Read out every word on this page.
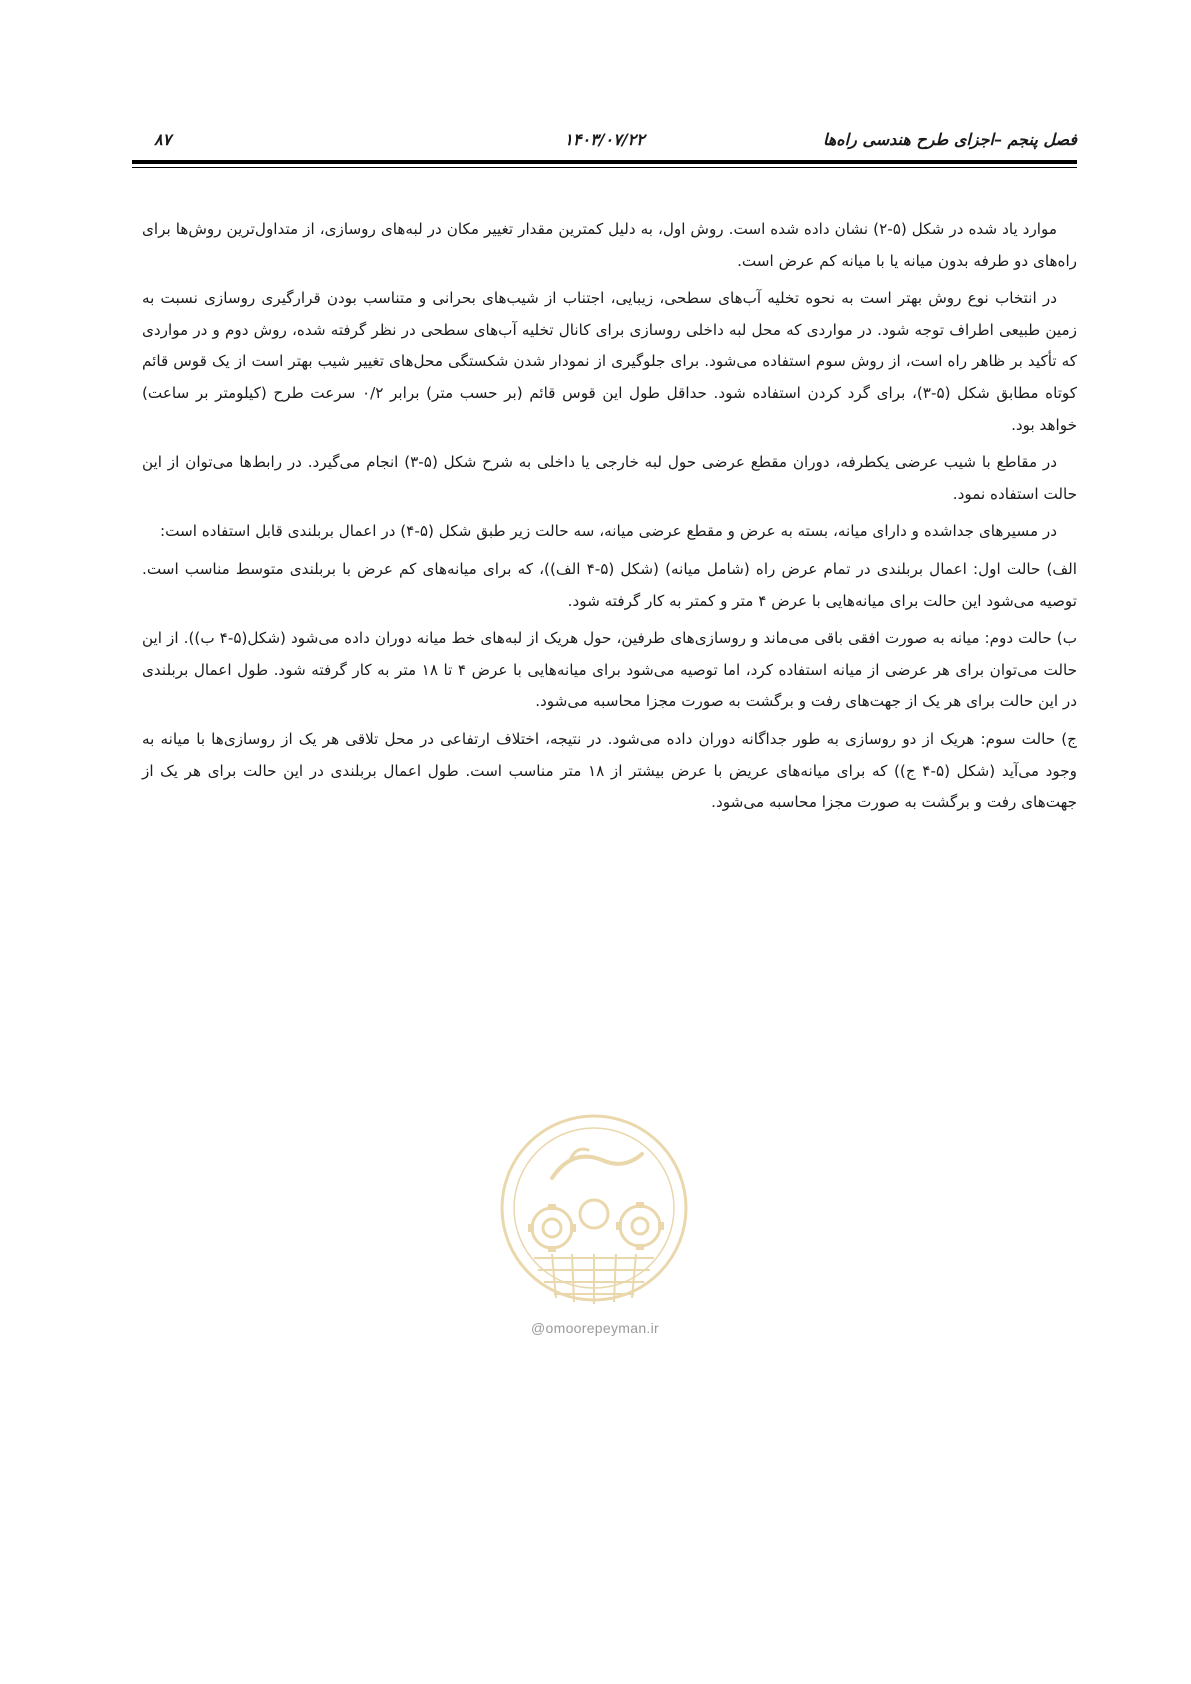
فصل پنجم –اجزای طرح هندسی راه‌ها
۱۴۰۳/۰۷/۲۲
۸۷

موارد یاد شده در شکل (۵-۲) نشان داده شده است. روش اول، به دلیل کمترین مقدار تغییر مکان در لبه‌های روسازی، از متداول‌ترین روش‌ها برای راه‌های دو طرفه بدون میانه یا با میانه کم عرض است.

در انتخاب نوع روش بهتر است به نحوه تخلیه آب‌های سطحی، زیبایی، اجتناب از شیب‌های بحرانی و متناسب بودن قرارگیری روسازی نسبت به زمین طبیعی اطراف توجه شود. در مواردی که محل لبه داخلی روسازی برای کانال تخلیه آب‌های سطحی در نظر گرفته شده، روش دوم و در مواردی که تأکید بر ظاهر راه است، از روش سوم استفاده می‌شود. برای جلوگیری از نمودار شدن شکستگی محل‌های تغییر شیب بهتر است از یک قوس قائم کوتاه مطابق شکل (۵-۳)، برای گرد کردن استفاده شود. حداقل طول این قوس قائم (بر حسب متر) برابر ۰/۲ سرعت طرح (کیلومتر بر ساعت) خواهد بود.

در مقاطع با شیب عرضی یکطرفه، دوران مقطع عرضی حول لبه خارجی یا داخلی به شرح شکل (۵-۳) انجام می‌گیرد. در رابط‌ها می‌توان از این حالت استفاده نمود.

در مسیرهای جداشده و دارای میانه، بسته به عرض و مقطع عرضی میانه، سه حالت زیر طبق شکل (۵-۴) در اعمال بربلندی قابل استفاده است:

الف) حالت اول: اعمال بربلندی در تمام عرض راه (شامل میانه) (شکل (۵-۴ الف))، که برای میانه‌های کم عرض با بربلندی متوسط مناسب است. توصیه می‌شود این حالت برای میانه‌هایی با عرض ۴ متر و کمتر به کار گرفته شود.

ب) حالت دوم: میانه به صورت افقی باقی می‌ماند و روسازی‌های طرفین، حول هریک از لبه‌های خط میانه دوران داده می‌شود (شکل(۵-۴ ب)). از این حالت می‌توان برای هر عرضی از میانه استفاده کرد، اما توصیه می‌شود برای میانه‌هایی با عرض ۴ تا ۱۸ متر به کار گرفته شود. طول اعمال بربلندی در این حالت برای هر یک از جهت‌های رفت و برگشت به صورت مجزا محاسبه می‌شود.

ج) حالت سوم: هریک از دو روسازی به طور جداگانه دوران داده می‌شود. در نتیجه، اختلاف ارتفاعی در محل تلاقی هر یک از روسازی‌ها با میانه به وجود می‌آید (شکل (۵-۴ ج)) که برای میانه‌های عریض با عرض بیشتر از ۱۸ متر مناسب است. طول اعمال بربلندی در این حالت برای هر یک از جهت‌های رفت و برگشت به صورت مجزا محاسبه می‌شود.

@omoorepeyman.ir
